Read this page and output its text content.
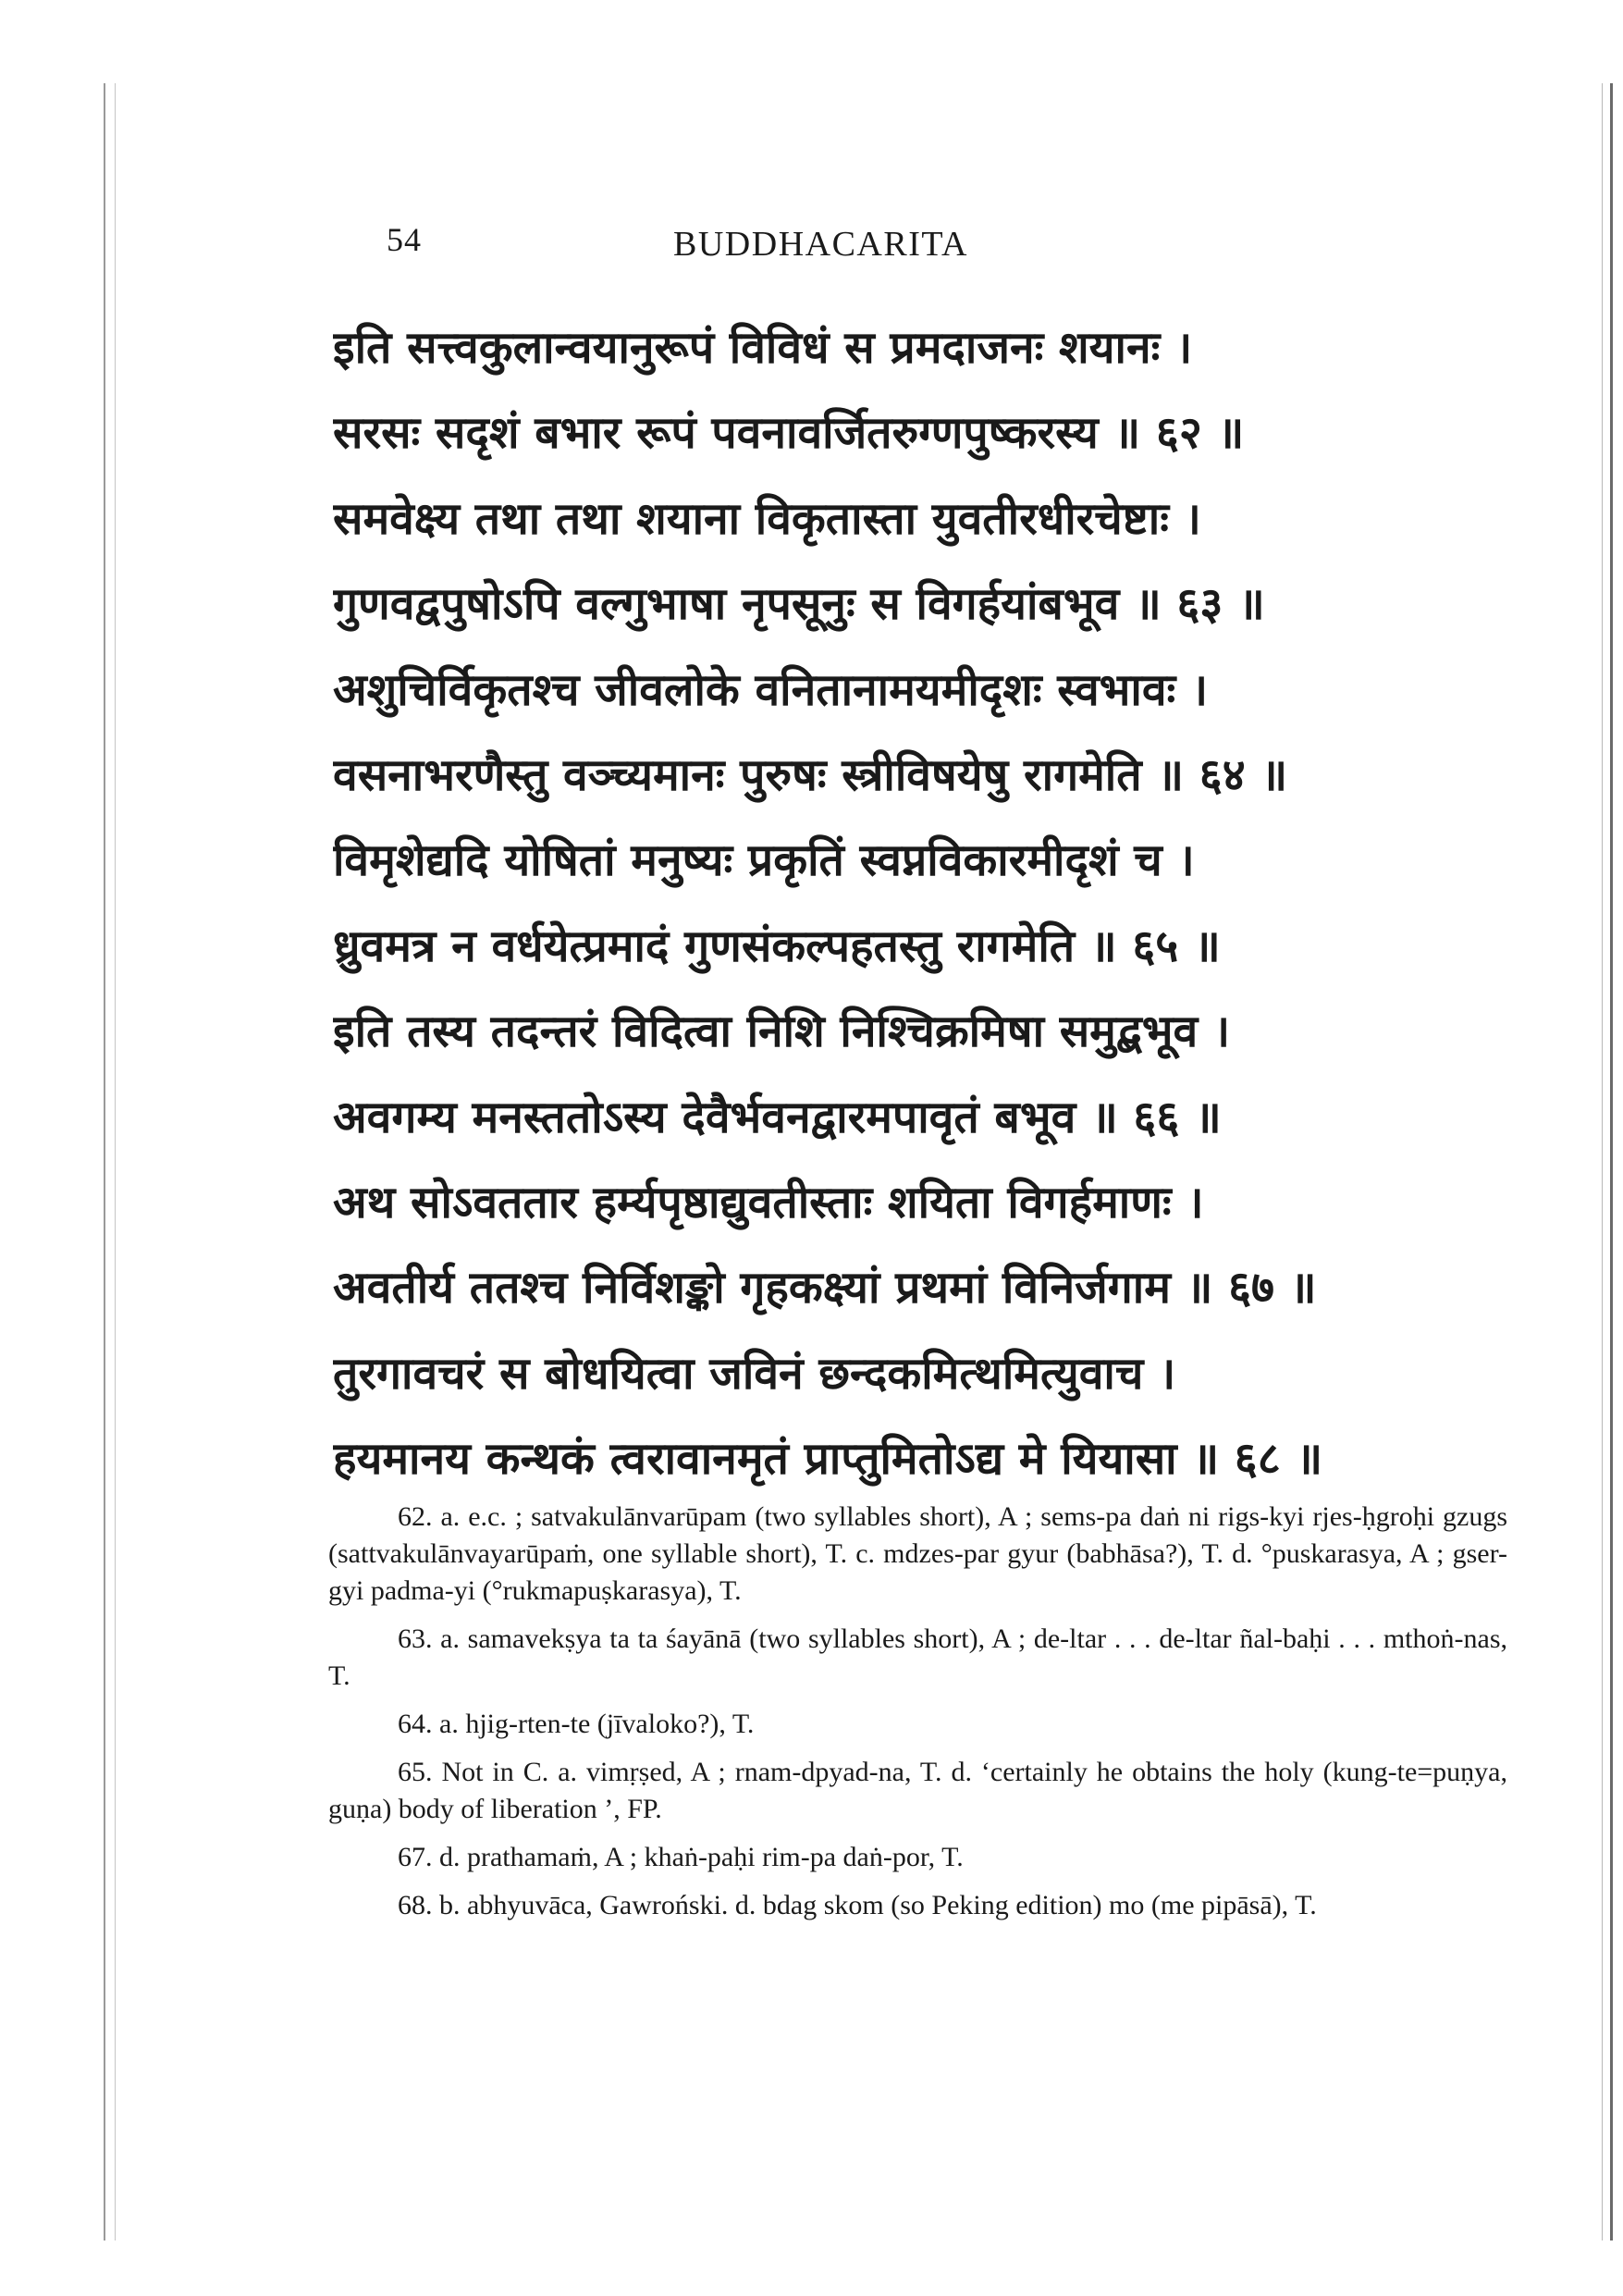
54	BUDDHACARITA
इति सत्त्वकुलान्वयानुरूपं विविधं स प्रमदाजनः शयानः ।
सरसः सदृशं बभार रूपं पवनावर्जितरुग्णपुष्करस्य ॥ ६२ ॥
समवेक्ष्य तथा तथा शयाना विकृतास्ता युवतीरधीरचेष्टाः ।
गुणवद्वपुषोऽपि वल्गुभाषा नृपसूनुः स विगर्हयांबभूव ॥ ६३ ॥
अशुचिर्विकृतश्च जीवलोके वनितानामयमीदृशः स्वभावः ।
वसनाभरणैस्तु वञ्च्यमानः पुरुषः स्त्रीविषयेषु रागमेति ॥ ६४ ॥
विमृशेद्यदि योषितां मनुष्यः प्रकृतिं स्वप्नविकारमीदृशं च ।
ध्रुवमत्र न वर्धयेत्प्रमादं गुणसंकल्पहतस्तु रागमेति ॥ ६५ ॥
इति तस्य तदन्तरं विदित्वा निशि निश्चिक्रमिषा समुद्बभूव ।
अवगम्य मनस्ततोऽस्य देवैर्भवनद्वारमपावृतं बभूव ॥ ६६ ॥
अथ सोऽवततार हर्म्यपृष्ठाद्युवतीस्ताः शयिता विगर्हमाणः ।
अवतीर्य ततश्च निर्विशङ्को गृहकक्ष्यां प्रथमां विनिर्जगाम ॥ ६७ ॥
तुरगावचरं स बोधयित्वा जविनं छन्दकमित्थमित्युवाच ।
हयमानय कन्थकं त्वरावानमृतं प्राप्तुमितोऽद्य मे यियासा ॥ ६८ ॥

62. a. e.c. ; satvakulānvarūpam (two syllables short), A ; sems-pa daṅ ni rigs-kyi rjes-ḥgroḥi gzugs (sattvakulānvayarūpaṁ, one syllable short), T. c. mdzes-par gyur (babhāsa?), T. d. °puskarasya, A ; gser-gyi padma-yi (°rukmapuṣkarasya), T.

63. a. samavekṣya ta ta śayānā (two syllables short), A ; de-ltar . . . de-ltar ñal-baḥi . . . mthoṅ-nas, T.

64. a. hjig-rten-te (jīvaloko?), T.

65. Not in C. a. vimṛṣed, A ; rnam-dpyad-na, T. d. ‘certainly he obtains the holy (kung-te=puṇya, guṇa) body of liberation ’, FP.

67. d. prathamaṁ, A ; khaṅ-paḥi rim-pa daṅ-por, T.

68. b. abhyuvāca, Gawroński. d. bdag skom (so Peking edition) mo (me pipāsā), T.
